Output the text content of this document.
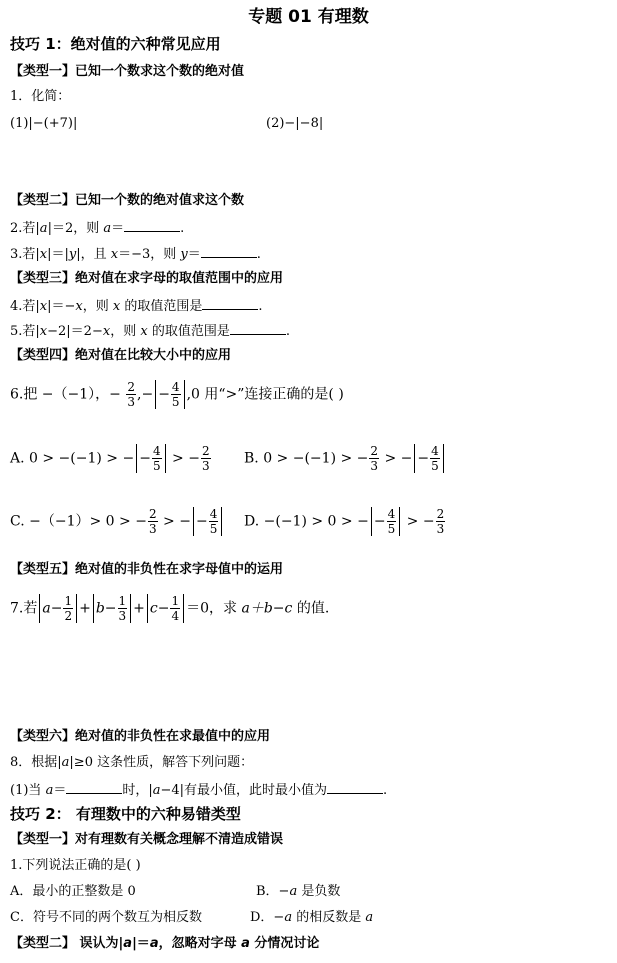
专题 01 有理数
技巧 1：绝对值的六种常见应用
【类型一】已知一个数求这个数的绝对值
1．化简：
(1)|−(+7)|	(2)−|−8|
【类型二】已知一个数的绝对值求这个数
2.若|a|＝2，则 a＝	.
3.若|x|＝|y|，且 x＝−3，则 y＝	.
【类型三】绝对值在求字母的取值范围中的应用
4.若|x|＝−x，则 x 的取值范围是	.
5.若|x−2|＝2−x，则 x 的取值范围是	.
【类型四】绝对值在比较大小中的应用
6.把 −（−1），− $\frac{2}{3}$ ,− − $\frac{4}{5} ,0$ 用“>”连接正确的是( )
A. 0 > −(−1) > − − $\frac{4}{5}$ > − $\frac{2}{3} B$. 0 > −(−1) > − $\frac{2}{3}$ > − − $\frac{4}{5}$
C. −（−1）> 0 > − $\frac{2}{3}$ > − − $\frac{4}{5} D$. −(−1) > 0 > − − $\frac{4}{5}$ > − $\frac{2}{3}$
【类型五】绝对值的非负性在求字母值中的运用
7.若 $a- \frac{1}{2} + b- \frac{1}{3} + c- \frac{1}{4} =0$，求 a＋b−c 的值.
【类型六】绝对值的非负性在求最值中的应用
8．根据|a|≥0 这条性质，解答下列问题：
(1)当 a＝	时，|a−4|有最小值，此时最小值为	.
技巧 2： 有理数中的六种易错类型
【类型一】对有理数有关概念理解不清造成错误
1.下列说法正确的是( )
A．最小的正整数是 0	B．−a 是负数
C．符号不同的两个数互为相反数	D．−a 的相反数是 a
【类型二】 误认为|a|＝a，忽略对字母 a 分情况讨论
